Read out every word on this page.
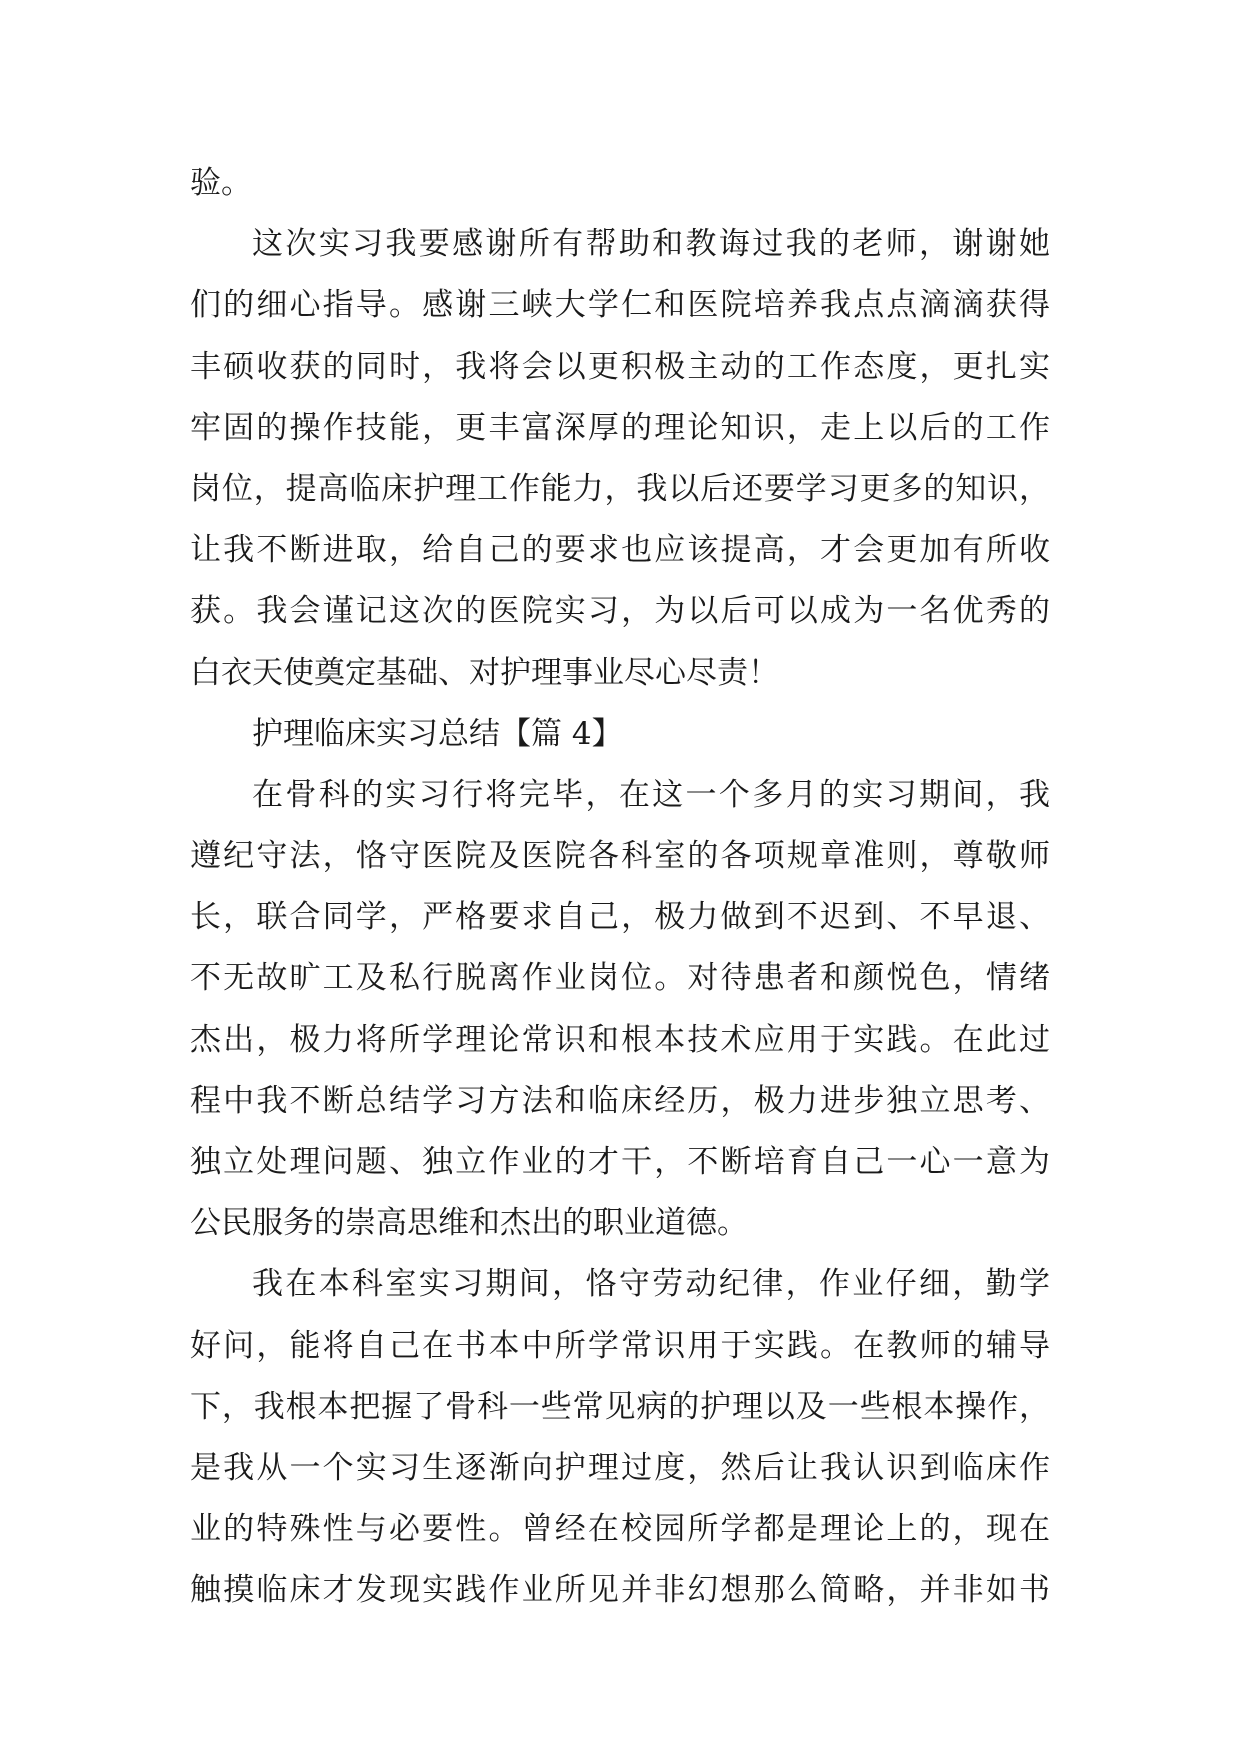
验。
这次实习我要感谢所有帮助和教诲过我的老师，谢谢她
们的细心指导。感谢三峡大学仁和医院培养我点点滴滴获得
丰硕收获的同时，我将会以更积极主动的工作态度，更扎实
牢固的操作技能，更丰富深厚的理论知识，走上以后的工作
岗位，提高临床护理工作能力，我以后还要学习更多的知识，
让我不断进取，给自己的要求也应该提高，才会更加有所收
获。我会谨记这次的医院实习，为以后可以成为一名优秀的
白衣天使奠定基础、对护理事业尽心尽责！
护理临床实习总结【篇 4】
在骨科的实习行将完毕，在这一个多月的实习期间，我
遵纪守法，恪守医院及医院各科室的各项规章准则，尊敬师
长，联合同学，严格要求自己，极力做到不迟到、不早退、
不无故旷工及私行脱离作业岗位。对待患者和颜悦色，情绪
杰出，极力将所学理论常识和根本技术应用于实践。在此过
程中我不断总结学习方法和临床经历，极力进步独立思考、
独立处理问题、独立作业的才干，不断培育自己一心一意为
公民服务的崇高思维和杰出的职业道德。
我在本科室实习期间，恪守劳动纪律，作业仔细，勤学
好问，能将自己在书本中所学常识用于实践。在教师的辅导
下，我根本把握了骨科一些常见病的护理以及一些根本操作，
是我从一个实习生逐渐向护理过度，然后让我认识到临床作
业的特殊性与必要性。曾经在校园所学都是理论上的，现在
触摸临床才发现实践作业所见并非幻想那么简略，并非如书
